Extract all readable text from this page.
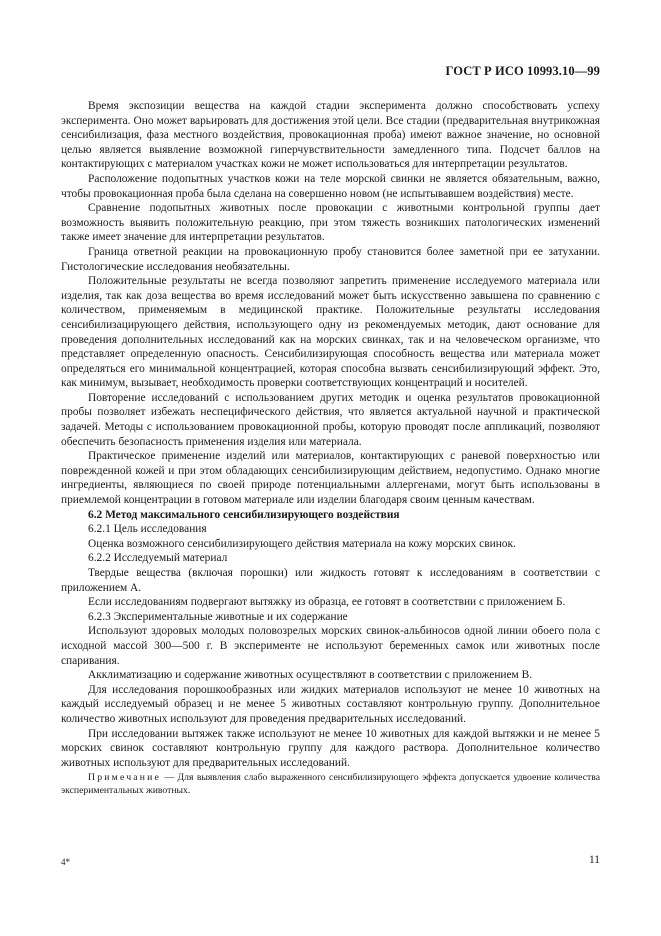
ГОСТ Р ИСО 10993.10—99

Время экспозиции вещества на каждой стадии эксперимента должно способствовать успеху эксперимента. Оно может варьировать для достижения этой цели. Все стадии (предварительная внутрикожная сенсибилизация, фаза местного воздействия, провокационная проба) имеют важное значение, но основной целью является выявление возможной гиперчувствительности замедленного типа. Подсчет баллов на контактирующих с материалом участках кожи не может использоваться для интерпретации результатов.

Расположение подопытных участков кожи на теле морской свинки не является обязательным, важно, чтобы провокационная проба была сделана на совершенно новом (не испытывавшем воздействия) месте.

Сравнение подопытных животных после провокации с животными контрольной группы дает возможность выявить положительную реакцию, при этом тяжесть возникших патологических изменений также имеет значение для интерпретации результатов.

Граница ответной реакции на провокационную пробу становится более заметной при ее затухании. Гистологические исследования необязательны.

Положительные результаты не всегда позволяют запретить применение исследуемого материала или изделия, так как доза вещества во время исследований может быть искусственно завышена по сравнению с количеством, применяемым в медицинской практике. Положительные результаты исследования сенсибилизацирующего действия, использующего одну из рекомендуемых методик, дают основание для проведения дополнительных исследований как на морских свинках, так и на человеческом организме, что представляет определенную опасность. Сенсибилизирующая способность вещества или материала может определяться его минимальной концентрацией, которая способна вызвать сенсибилизирующий эффект. Это, как минимум, вызывает, необходимость проверки соответствующих концентраций и носителей.

Повторение исследований с использованием других методик и оценка результатов провокационной пробы позволяет избежать неспецифического действия, что является актуальной научной и практической задачей. Методы с использованием провокационной пробы, которую проводят после аппликаций, позволяют обеспечить безопасность применения изделия или материала.

Практическое применение изделий или материалов, контактирующих с раневой поверхностью или поврежденной кожей и при этом обладающих сенсибилизирующим действием, недопустимо. Однако многие ингредиенты, являющиеся по своей природе потенциальными аллергенами, могут быть использованы в приемлемой концентрации в готовом материале или изделии благодаря своим ценным качествам.

6.2 Метод максимального сенсибилизирующего воздействия

6.2.1 Цель исследования

Оценка возможного сенсибилизирующего действия материала на кожу морских свинок.

6.2.2 Исследуемый материал

Твердые вещества (включая порошки) или жидкость готовят к исследованиям в соответствии с приложением А.

Если исследованиям подвергают вытяжку из образца, ее готовят в соответствии с приложением Б.

6.2.3 Экспериментальные животные и их содержание

Используют здоровых молодых половозрелых морских свинок-альбиносов одной линии обоего пола с исходной массой 300—500 г. В эксперименте не используют беременных самок или животных после спаривания.

Акклиматизацию и содержание животных осуществляют в соответствии с приложением В.

Для исследования порошкообразных или жидких материалов используют не менее 10 животных на каждый исследуемый образец и не менее 5 животных составляют контрольную группу. Дополнительное количество животных используют для проведения предварительных исследований.

При исследовании вытяжек также используют не менее 10 животных для каждой вытяжки и не менее 5 морских свинок составляют контрольную группу для каждого раствора. Дополнительное количество животных используют для предварительных исследований.

Примечание — Для выявления слабо выраженного сенсибилизирующего эффекта допускается удвоение количества экспериментальных животных.

4*	11
